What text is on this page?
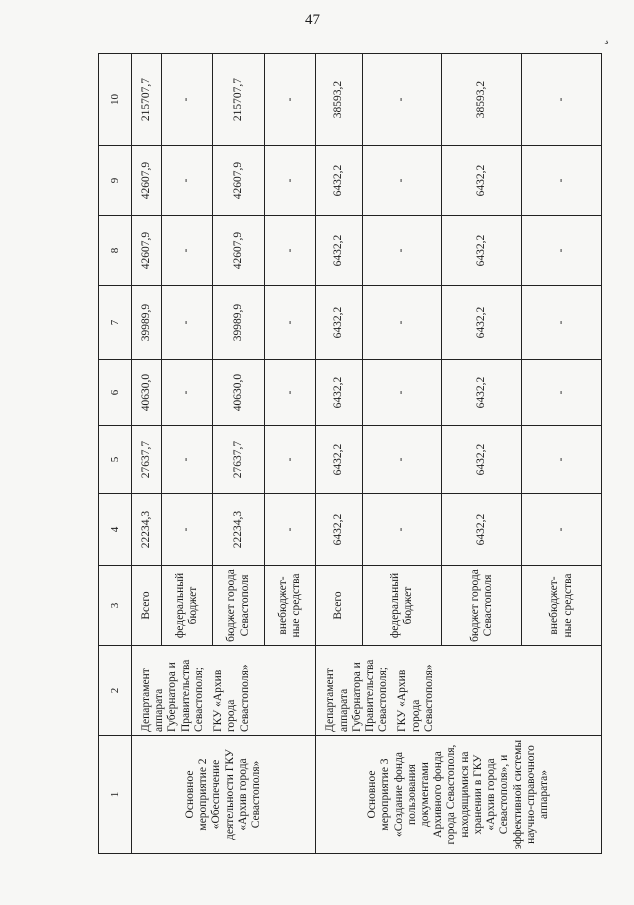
47
¸
1	2	3	4	5	6	7	8	9	10
Основное мероприятие 2 «Обеспечение деятельности ГКУ «Архив города Севастополя»	Департамент аппарата Губернатора и Правительства Севастополя; ГКУ «Архив города Севастополя»	Всего	22234,3	27637,7	40630,0	39989,9	42607,9	42607,9	215707,7
		федеральный бюджет	-	-	-	-	-	-	-
		бюджет города Севастополя	22234,3	27637,7	40630,0	39989,9	42607,9	42607,9	215707,7
		внебюджет-ные средства	-	-	-	-	-	-	-
Основное мероприятие 3 «Создание фонда пользования документами Архивного фонда города Севастополя, находящимися на хранении в ГКУ «Архив города Севастополя», и эффективной системы научно-справочного аппарата»	Департамент аппарата Губернатора и Правительства Севастополя; ГКУ «Архив города Севастополя»	Всего	6432,2	6432,2	6432,2	6432,2	6432,2	6432,2	38593,2
		федеральный бюджет	-	-	-	-	-	-	-
		бюджет города Севастополя	6432,2	6432,2	6432,2	6432,2	6432,2	6432,2	38593,2
		внебюджет-ные средства	-	-	-	-	-	-	-
